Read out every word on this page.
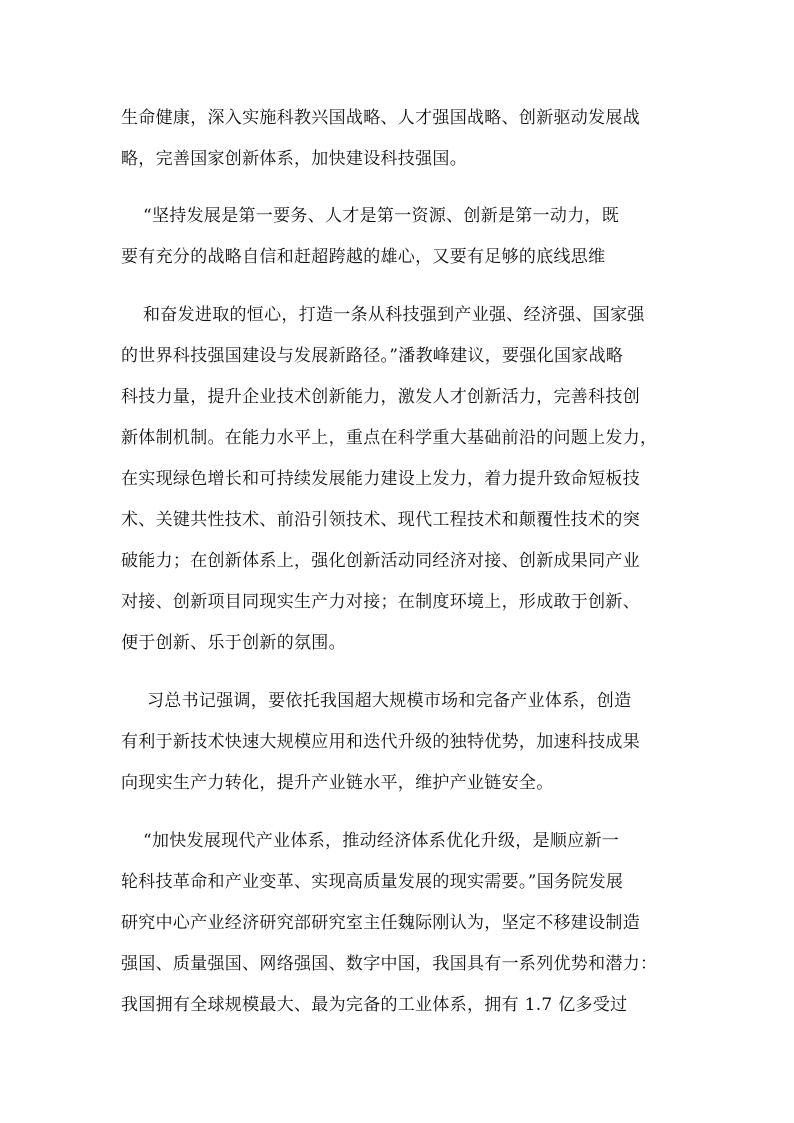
生命健康，深入实施科教兴国战略、人才强国战略、创新驱动发展战
略，完善国家创新体系，加快建设科技强国。
“坚持发展是第一要务、人才是第一资源、创新是第一动力，既
要有充分的战略自信和赶超跨越的雄心，又要有足够的底线思维
和奋发进取的恒心，打造一条从科技强到产业强、经济强、国家强
的世界科技强国建设与发展新路径。”潘教峰建议，要强化国家战略
科技力量，提升企业技术创新能力，激发人才创新活力，完善科技创
新体制机制。在能力水平上，重点在科学重大基础前沿的问题上发力，
在实现绿色增长和可持续发展能力建设上发力，着力提升致命短板技
术、关键共性技术、前沿引领技术、现代工程技术和颠覆性技术的突
破能力；在创新体系上，强化创新活动同经济对接、创新成果同产业
对接、创新项目同现实生产力对接；在制度环境上，形成敢于创新、
便于创新、乐于创新的氛围。
习总书记强调，要依托我国超大规模市场和完备产业体系，创造
有利于新技术快速大规模应用和迭代升级的独特优势，加速科技成果
向现实生产力转化，提升产业链水平，维护产业链安全。
“加快发展现代产业体系，推动经济体系优化升级，是顺应新一
轮科技革命和产业变革、实现高质量发展的现实需要。”国务院发展
研究中心产业经济研究部研究室主任魏际刚认为，坚定不移建设制造
强国、质量强国、网络强国、数字中国，我国具有一系列优势和潜力：
我国拥有全球规模最大、最为完备的工业体系，拥有 1.7 亿多受过
